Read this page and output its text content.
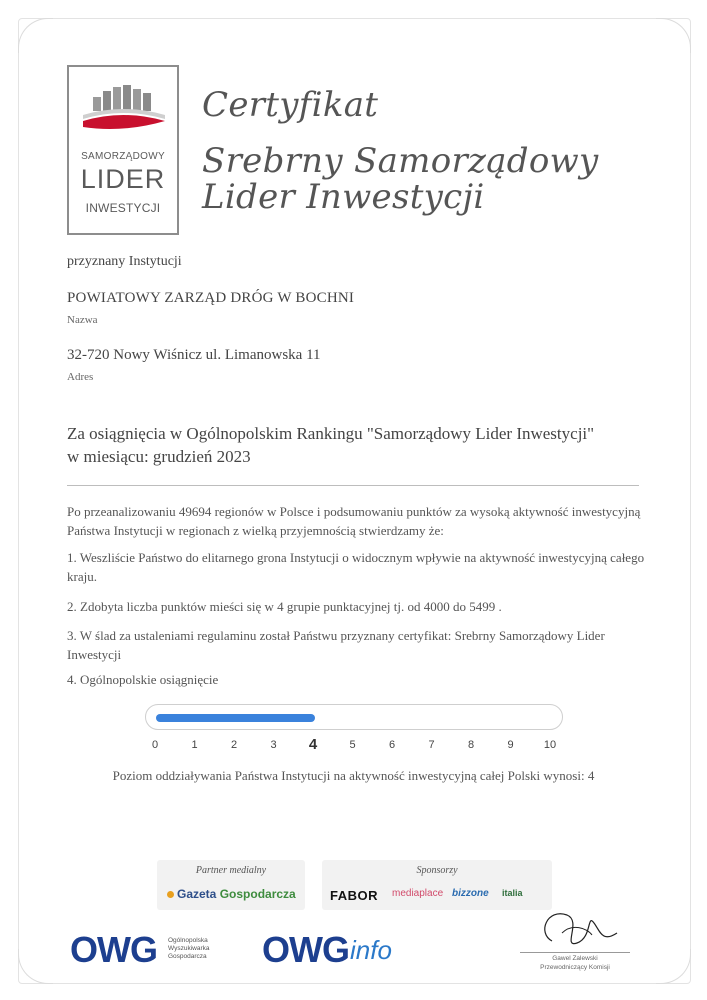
SAMORZĄDOWY
LIDER
INWESTYCJI
Certyfikat
Srebrny Samorządowy
Lider Inwestycji
przyznany Instytucji
POWIATOWY ZARZĄD DRÓG W BOCHNI
Nazwa
32-720 Nowy Wiśnicz ul. Limanowska 11
Adres
Za osiągnięcia w Ogólnopolskim Rankingu "Samorządowy Lider Inwestycji"
w miesiącu: grudzień 2023
Po przeanalizowaniu 49694 regionów w Polsce i podsumowaniu punktów za wysoką aktywność inwestycyjną Państwa Instytucji w regionach z wielką przyjemnością stwierdzamy że:
1. Weszliście Państwo do elitarnego grona Instytucji o widocznym wpływie na aktywność inwestycyjną całego kraju.
2. Zdobyta liczba punktów mieści się w 4 grupie punktacyjnej tj. od 4000 do 5499 .
3. W ślad za ustaleniami regulaminu został Państwu przyznany certyfikat: Srebrny Samorządowy Lider Inwestycji
4. Ogólnopolskie osiągnięcie
0	1	2	3 4	5	6	7	8	9	10
Poziom oddziaływania Państwa Instytucji na aktywność inwestycyjną całej Polski wynosi: 4
Partner medialny
Gazeta Gospodarcza
Sponsorzy
FABOR mediaplace bizzone italia
OWG Ogólnopolska Wyszukiwarka Gospodarcza	OWG info	Gawel Zalewski
Przewodniczący Komisji
